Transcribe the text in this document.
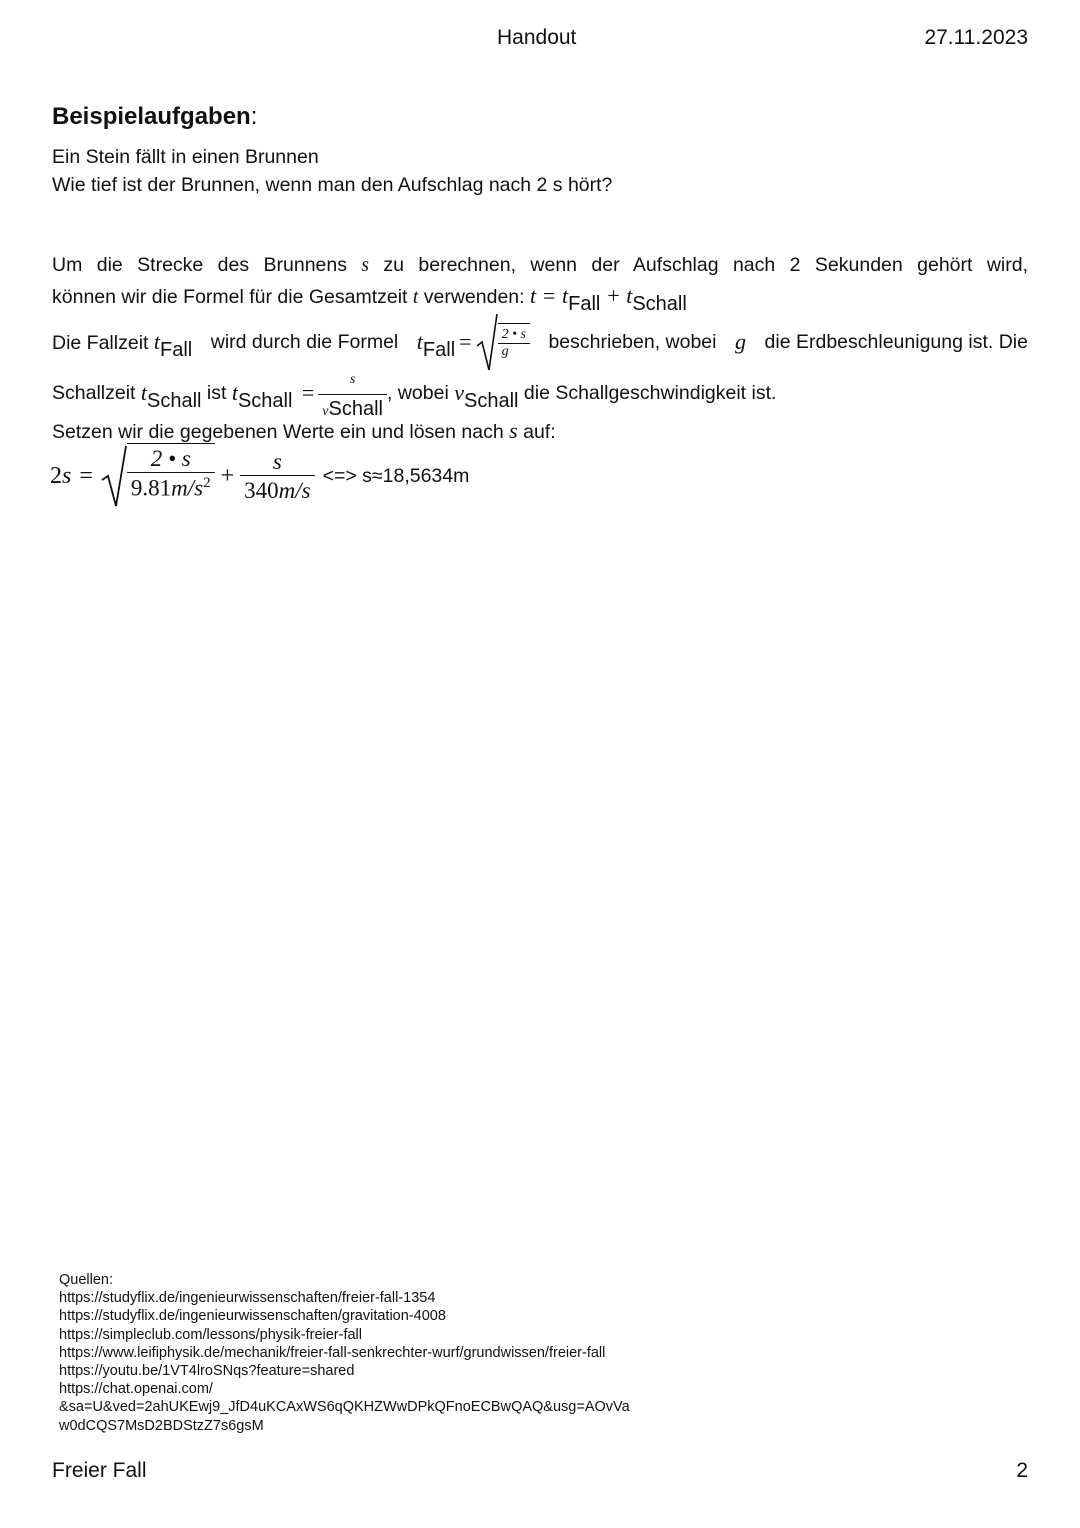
Handout	27.11.2023
Beispielaufgaben:
Ein Stein fällt in einen Brunnen
Wie tief ist der Brunnen, wenn man den Aufschlag nach 2 s hört?
Um die Strecke des Brunnens s zu berechnen, wenn der Aufschlag nach 2 Sekunden gehört wird,
können wir die Formel für die Gesamtzeit t verwenden: t = tFall + tSchall
Die Fallzeit tFall wird durch die Formel tFall = $\frac{2 • s}{g}$ beschrieben, wobei g die Erdbeschleunigung ist. Die
Schallzeit
tSchall
ist
tSchall
= $\frac{s}{\text{vSchall}}$ , wobei
vSchall
die Schallgeschwindigkeit ist.
Setzen wir die gegebenen Werte ein und lösen nach s auf:
$2s = \frac{2 • s}{9.81m/s^2} + \frac{s}{340m/s}$ <=> s≈18,5634m
Quellen:
https://studyflix.de/ingenieurwissenschaften/freier-fall-1354
https://studyflix.de/ingenieurwissenschaften/gravitation-4008
https://simpleclub.com/lessons/physik-freier-fall
https://www.leifiphysik.de/mechanik/freier-fall-senkrechter-wurf/grundwissen/freier-fall
https://youtu.be/1VT4lroSNqs?feature=shared
https://chat.openai.com/
&sa=U&ved=2ahUKEwj9_JfD4uKCAxWS6qQKHZWwDPkQFnoECBwQAQ&usg=AOvVa
w0dCQS7MsD2BDStzZ7s6gsM
Freier Fall	2
